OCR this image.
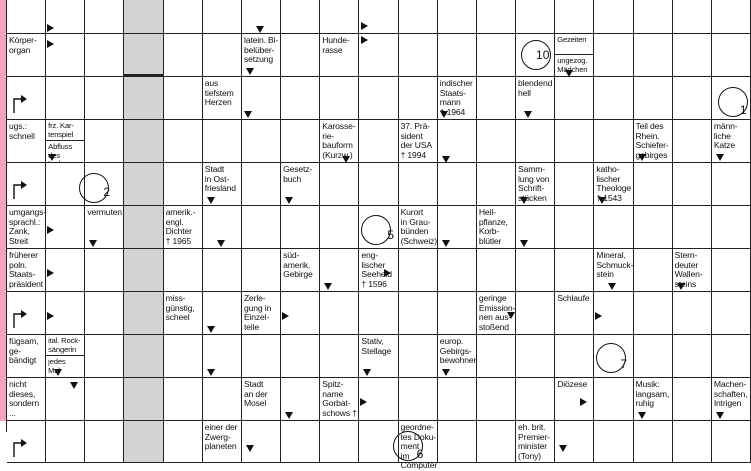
Körper-
organ
latein. Bi-
belüber-
setzung
Hunde-
rasse	10
Gezeiten
ungezog.
Mädchen
aus
tiefstem
Herzen
indischer
Staats-
mann
† 1964
blendend
hell
1
ugs.:
schnell
frz. Kar-
tenspiel
Abfluss des

Karosse-
rie-
bauform
(Kurzw.)
37. Prä-
sident
der USA
† 1994
Teil des
Rhein.
Schiefer-
gebirges
männ-
liche
Katze
2
Stadt
in Ost-
friesland
Gesetz-
buch
Samm-
lung von
Schrift-
stücken
katho-
lischer
Theologe
† 1543
umgangs-
sprachl.:
Zank,
Streit
vermuten	amerik.-
engl.
Dichter
† 1965	5
Kurort
in Grau-
bünden
(Schweiz)
Heil-
pflanze,
Korb-
blütler
früherer
poln.
Staats-
präsident
süd-
amerik.
Gebirge
eng-
lischer
Seeheld
† 1596
Mineral,
Schmuck-
stein
Stern-
deuter
Wallen-
steins
miss-
günstig,
scheel
Zerle-
gung in
Einzel-
teile
geringe
Emission-
nen aus-
stoßend
Schlaufe
fügsam,
ge-
bändigt
ital. Rock-
sängerin
jedes
Mal
Stativ,
Stellage
europ.
Gebirgs-
bewohner	7
nicht
dieses,
sondern ...
Stadt
an der
Mosel
Spitz-
name
Gorbat-
schows †
Diözese	Musik:
langsam,
ruhig
Machen-
schaften,
Intrigen
einer der
Zwerg-
planeten
geordne-
tes Doku-
ment
im Computer
6
eh. brit.
Premier-
minister
(Tony)
